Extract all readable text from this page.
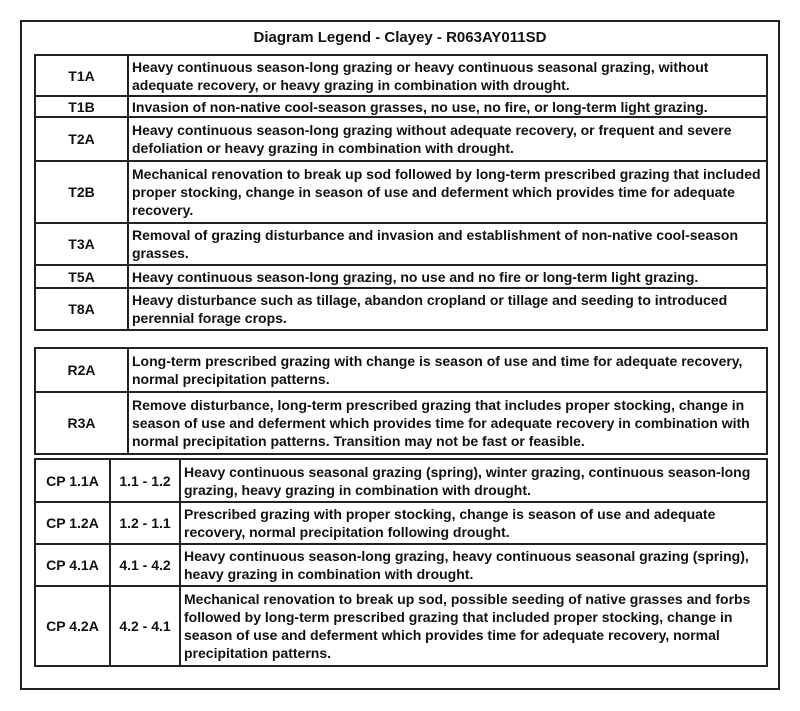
Diagram Legend - Clayey - R063AY011SD
T1A	Heavy continuous season-long grazing or heavy continuous seasonal grazing, without adequate recovery, or heavy grazing in combination with drought.
T1B	Invasion of non-native cool-season grasses, no use, no fire, or long-term light grazing.
T2A	Heavy continuous season-long grazing without adequate recovery, or frequent and severe defoliation or heavy grazing in combination with drought.
T2B	Mechanical renovation to break up sod followed by long-term prescribed grazing that included proper stocking, change in season of use and deferment which provides time for adequate recovery.
T3A	Removal of grazing disturbance and invasion and establishment of non-native cool-season grasses.
T5A	Heavy continuous season-long grazing, no use and no fire or long-term light grazing.
T8A	Heavy disturbance such as tillage, abandon cropland or tillage and seeding to introduced perennial forage crops.
R2A	Long-term prescribed grazing with change is season of use and time for adequate recovery, normal precipitation patterns.
R3A	Remove disturbance, long-term prescribed grazing that includes proper stocking, change in season of use and deferment which provides time for adequate recovery in combination with normal precipitation patterns. Transition may not be fast or feasible.
CP 1.1A	1.1 - 1.2	Heavy continuous seasonal grazing (spring), winter grazing, continuous season-long grazing, heavy grazing in combination with drought.
CP 1.2A	1.2 - 1.1	Prescribed grazing with proper stocking, change is season of use and adequate recovery, normal precipitation following drought.
CP 4.1A	4.1 - 4.2	Heavy continuous season-long grazing, heavy continuous seasonal grazing (spring), heavy grazing in combination with drought.
CP 4.2A	4.2 - 4.1	Mechanical renovation to break up sod, possible seeding of native grasses and forbs followed by long-term prescribed grazing that included proper stocking, change in season of use and deferment which provides time for adequate recovery, normal precipitation patterns.
